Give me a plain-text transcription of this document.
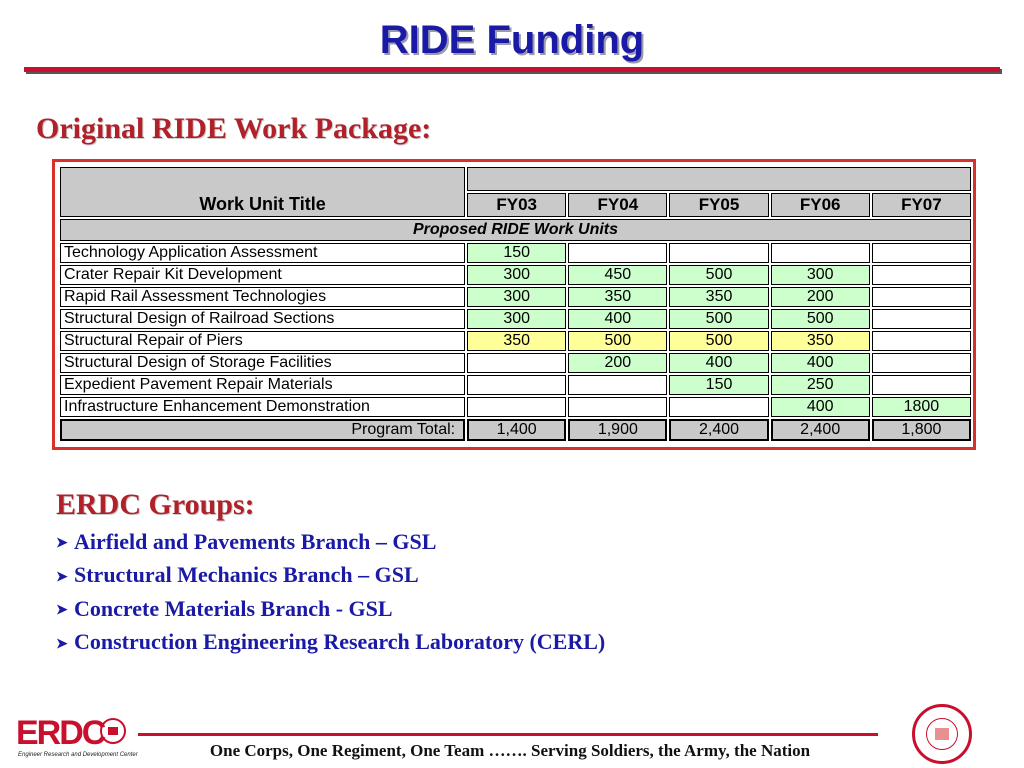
RIDE Funding
Original RIDE Work Package:
Work Unit Title					
	FY03	FY04	FY05	FY06	FY07
Proposed RIDE Work Units					
Technology Application Assessment	150				
Crater Repair Kit Development	300	450	500	300	
Rapid Rail Assessment Technologies	300	350	350	200	
Structural Design of Railroad Sections	300	400	500	500	
Structural Repair of Piers	350	500	500	350	
Structural Design of Storage Facilities		200	400	400	
Expedient Pavement Repair Materials			150	250	
Infrastructure Enhancement Demonstration				400	1800
Program Total:	1,400	1,900	2,400	2,400	1,800
ERDC Groups:
➤ Airfield and Pavements Branch – GSL
➤ Structural Mechanics Branch – GSL
➤ Concrete Materials Branch - GSL
➤ Construction Engineering Research Laboratory (CERL)
ERDC
Engineer Research and Development Center	One Corps, One Regiment, One Team ……. Serving Soldiers, the Army, the Nation
